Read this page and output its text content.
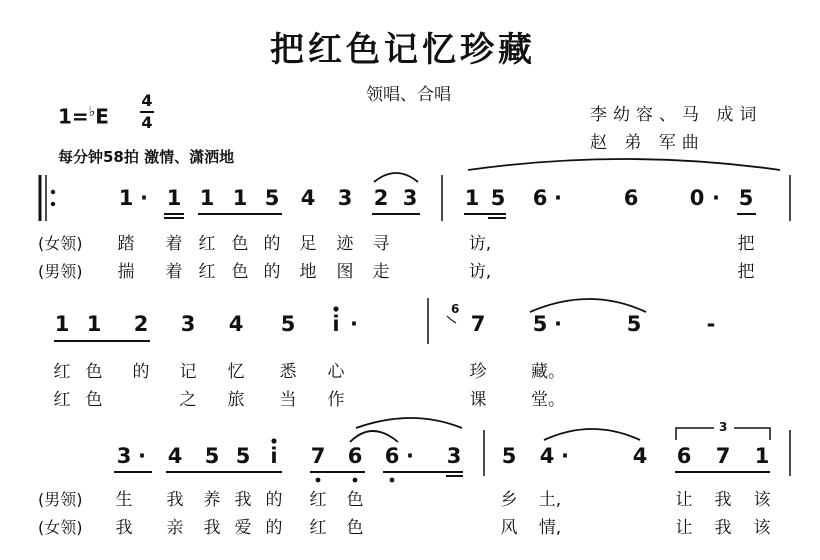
把红色记忆珍藏
领唱、合唱
1=♭E
4
4
每分钟58拍 激情、潇洒地
李幼容、马 成词
赵 弟 军曲
1 · 1 1 1 5 4 3 2 3 1 5 6 ·	6 0 · 5
(女领) 踏 着 红 色 的 足 迹 寻	访,	把
(男领) 揣 着 红 色 的 地 图 走	访,	把
1 1 2 3 4 5 i ·	7 5 ·	5	-
6
红 色 的 记 忆 悉 心	珍	藏。
红 色	之 旅 当 作	课	堂。
3 · 4 5 5 i 7 6 6 · 3 5 4 ·	4 6 7 1
3
(男领) 生 我 养 我 的 红 色	乡 土,	让 我 该
(女领) 我 亲 我 爱 的 红 色	风 情,	让 我 该
